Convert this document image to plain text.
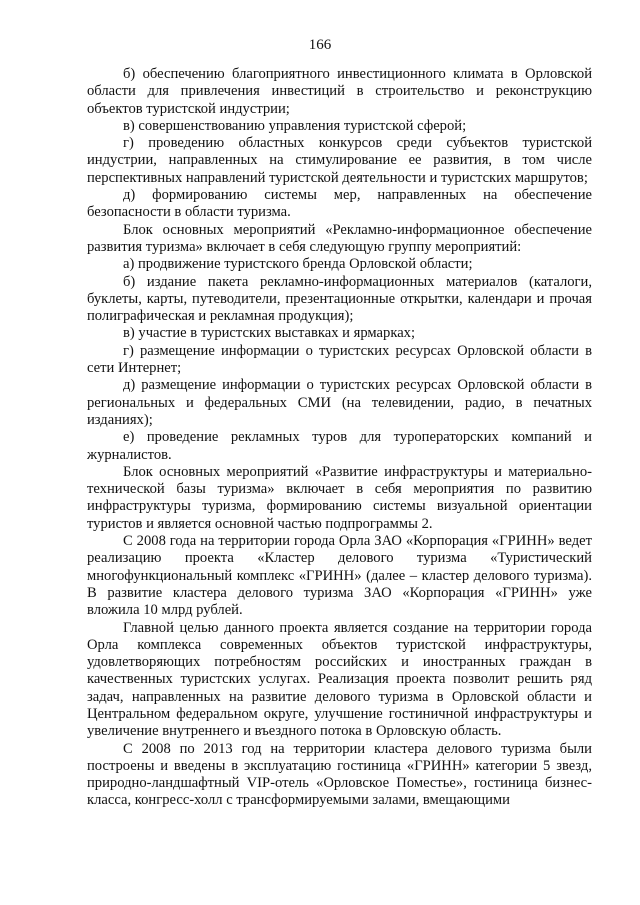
166

б) обеспечению благоприятного инвестиционного климата в Орловской области для привлечения инвестиций в строительство и реконструкцию объектов туристской индустрии;

в) совершенствованию управления туристской сферой;

г) проведению областных конкурсов среди субъектов туристской индустрии, направленных на стимулирование ее развития, в том числе перспективных направлений туристской деятельности и туристских маршрутов;

д) формированию системы мер, направленных на обеспечение безопасности в области туризма.

Блок основных мероприятий «Рекламно-информационное обеспечение развития туризма» включает в себя следующую группу мероприятий:

а) продвижение туристского бренда Орловской области;

б) издание пакета рекламно-информационных материалов (каталоги, буклеты, карты, путеводители, презентационные открытки, календари и прочая полиграфическая и рекламная продукция);

в) участие в туристских выставках и ярмарках;

г) размещение информации о туристских ресурсах Орловской области в сети Интернет;

д) размещение информации о туристских ресурсах Орловской области в региональных и федеральных СМИ (на телевидении, радио, в печатных изданиях);

е) проведение рекламных туров для туроператорских компаний и журналистов.

Блок основных мероприятий «Развитие инфраструктуры и материально-технической базы туризма» включает в себя мероприятия по развитию инфраструктуры туризма, формированию системы визуальной ориентации туристов и является основной частью подпрограммы 2.

С 2008 года на территории города Орла ЗАО «Корпорация «ГРИНН» ведет реализацию проекта «Кластер делового туризма «Туристический многофункциональный комплекс «ГРИНН» (далее – кластер делового туризма). В развитие кластера делового туризма ЗАО «Корпорация «ГРИНН» уже вложила 10 млрд рублей.

Главной целью данного проекта является создание на территории города Орла комплекса современных объектов туристской инфраструктуры, удовлетворяющих потребностям российских и иностранных граждан в качественных туристских услугах. Реализация проекта позволит решить ряд задач, направленных на развитие делового туризма в Орловской области и Центральном федеральном округе, улучшение гостиничной инфраструктуры и увеличение внутреннего и въездного потока в Орловскую область.

С 2008 по 2013 год на территории кластера делового туризма были построены и введены в эксплуатацию гостиница «ГРИНН» категории 5 звезд, природно-ландшафтный VIP-отель «Орловское Поместье», гостиница бизнес-класса, конгресс-холл с трансформируемыми залами, вмещающими
